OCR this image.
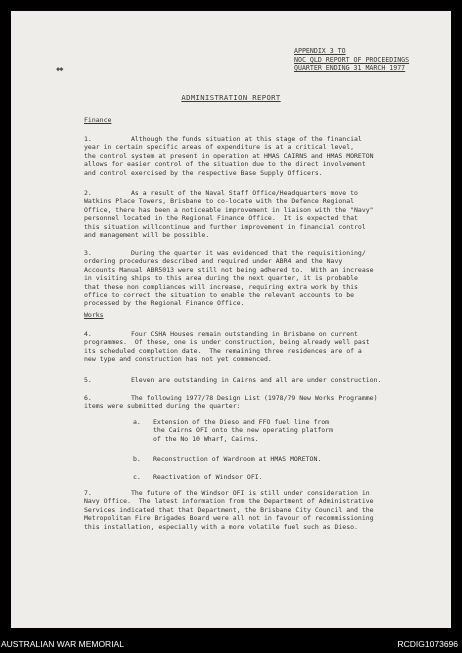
◆◆
APPENDIX 3 TO
NOC QLD REPORT OF PROCEEDINGS
QUARTER ENDING 31 MARCH 1977
ADMINISTRATION REPORT
Finance
1.          Although the funds situation at this stage of the financial
year in certain specific areas of expenditure is at a critical level,
the control system at present in operation at HMAS CAIRNS and HMAS MORETON
allows for easier control of the situation due to the direct involvement
and control exercised by the respective Base Supply Officers.
2.          As a result of the Naval Staff Office/Headquarters move to
Watkins Place Towers, Brisbane to co-locate with the Defence Regional
Office, there has been a noticeable improvement in liaison with the "Navy"
personnel located in the Regional Finance Office.  It is expected that
this situation willcontinue and further improvement in financial control
and management will be possible.
3.          During the quarter it was evidenced that the requisitioning/
ordering procedures described and required under ABR4 and the Navy
Accounts Manual ABR5013 were still not being adhered to.  With an increase
in visiting ships to this area during the next quarter, it is probable
that these non compliances will increase, requiring extra work by this
office to correct the situation to enable the relevant accounts to be
processed by the Regional Finance Office.
Works
4.          Four CSHA Houses remain outstanding in Brisbane on current
programmes.  Of these, one is under construction, being already well past
its scheduled completion date.  The remaining three residences are of a
new type and construction has not yet commenced.
5.          Eleven are outstanding in Cairns and all are under construction.
6.          The following 1977/78 Design List (1978/79 New Works Programme)
items were submitted during the quarter:
a.	Extension of the Dieso and FFO fuel line from
the Cairns OFI onto the new operating platform
of the No 10 Wharf, Cairns.
b.	Reconstruction of Wardroom at HMAS MORETON.
c.	Reactivation of Windsor OFI.
7.          The future of the Windsor OFI is still under consideration in
Navy Office.  The latest information from the Department of Administrative
Services indicated that that Department, the Brisbane City Council and the
Metropolitan Fire Brigades Board were all not in favour of recommissioning
this installation, especially with a more volatile fuel such as Dieso.
AUSTRALIAN WAR MEMORIAL	RCDIG1073696
